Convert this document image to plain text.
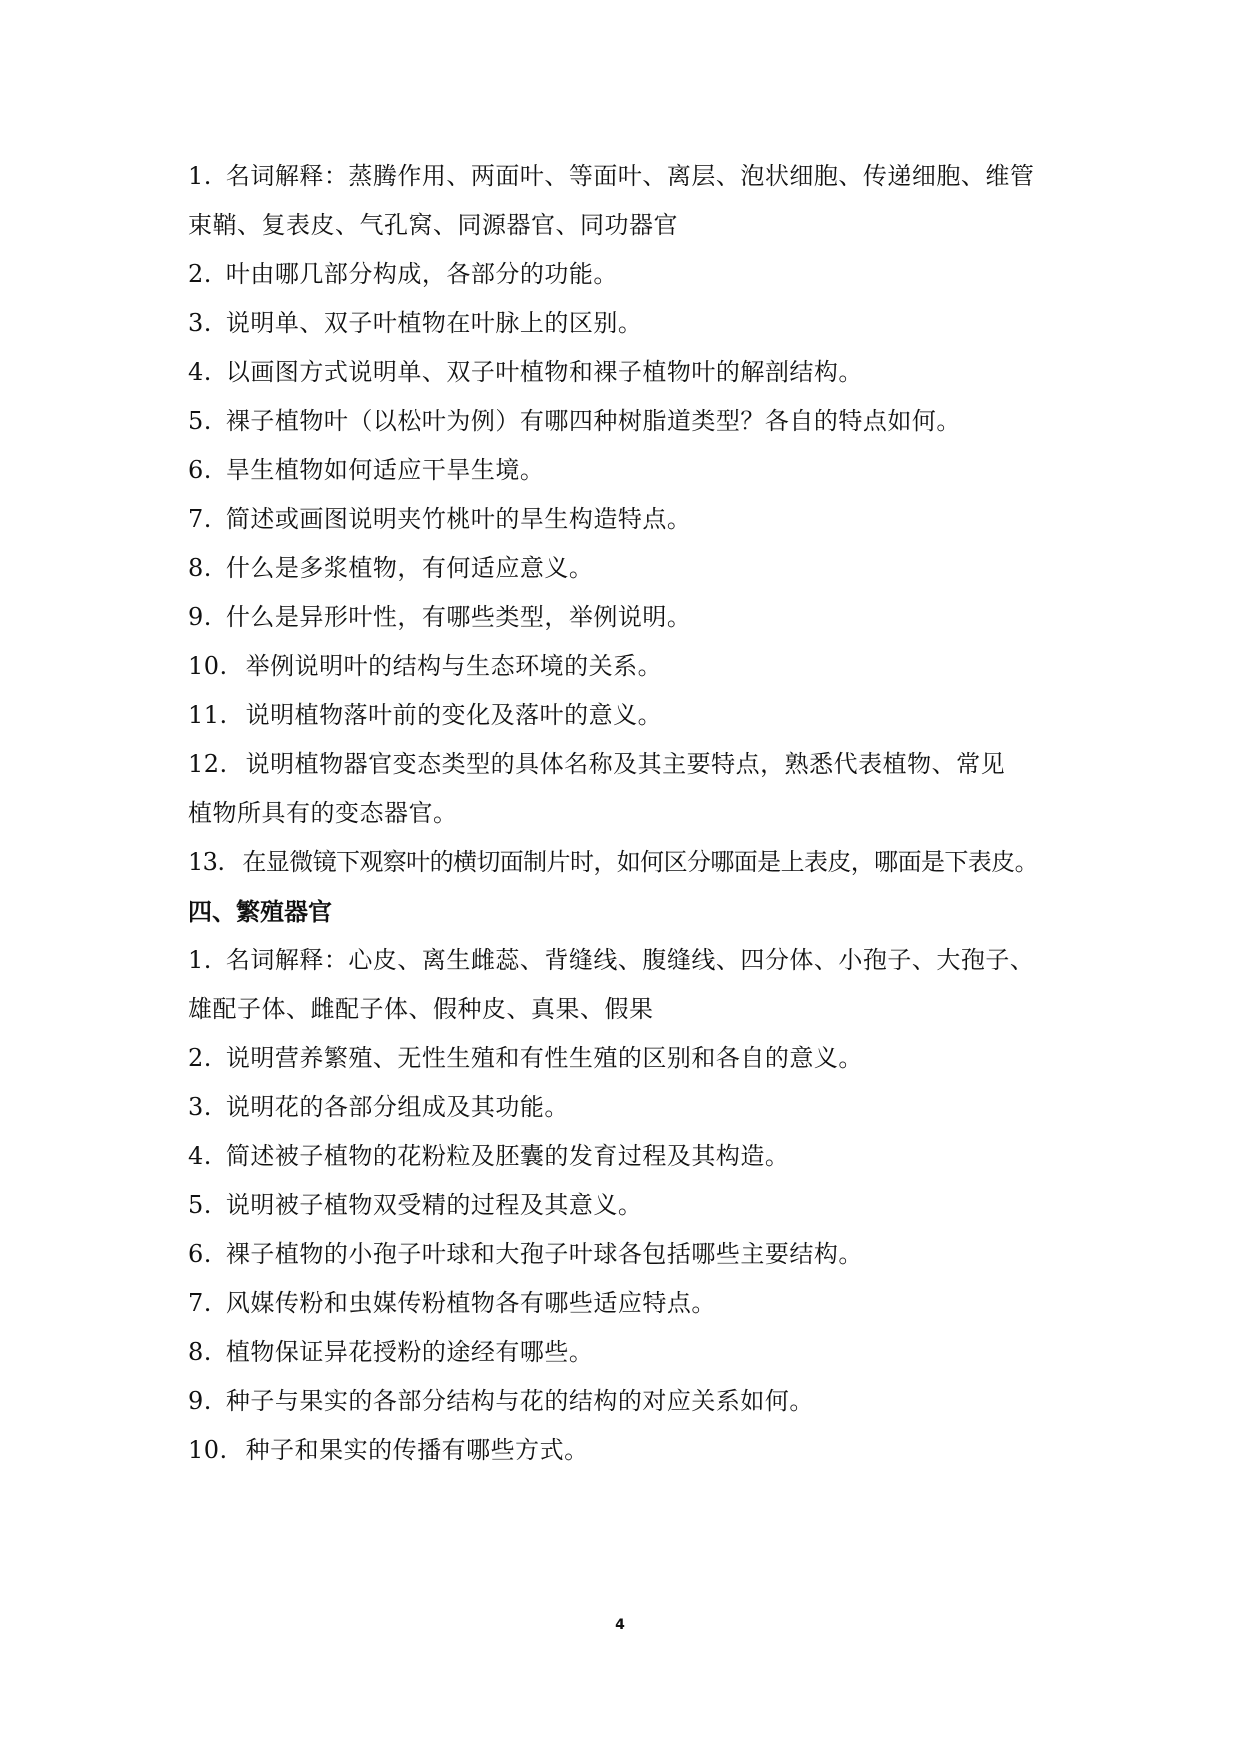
1. 名词解释：蒸腾作用、两面叶、等面叶、离层、泡状细胞、传递细胞、维管
束鞘、复表皮、气孔窝、同源器官、同功器官
2. 叶由哪几部分构成，各部分的功能。
3. 说明单、双子叶植物在叶脉上的区别。
4. 以画图方式说明单、双子叶植物和裸子植物叶的解剖结构。
5. 裸子植物叶（以松叶为例）有哪四种树脂道类型？各自的特点如何。
6. 旱生植物如何适应干旱生境。
7. 简述或画图说明夹竹桃叶的旱生构造特点。
8. 什么是多浆植物，有何适应意义。
9. 什么是异形叶性，有哪些类型，举例说明。
10. 举例说明叶的结构与生态环境的关系。
11. 说明植物落叶前的变化及落叶的意义。
12. 说明植物器官变态类型的具体名称及其主要特点，熟悉代表植物、常见
植物所具有的变态器官。
13. 在显微镜下观察叶的横切面制片时，如何区分哪面是上表皮，哪面是下表皮。
四、繁殖器官
1. 名词解释：心皮、离生雌蕊、背缝线、腹缝线、四分体、小孢子、大孢子、
雄配子体、雌配子体、假种皮、真果、假果
2. 说明营养繁殖、无性生殖和有性生殖的区别和各自的意义。
3. 说明花的各部分组成及其功能。
4. 简述被子植物的花粉粒及胚囊的发育过程及其构造。
5. 说明被子植物双受精的过程及其意义。
6. 裸子植物的小孢子叶球和大孢子叶球各包括哪些主要结构。
7. 风媒传粉和虫媒传粉植物各有哪些适应特点。
8. 植物保证异花授粉的途经有哪些。
9. 种子与果实的各部分结构与花的结构的对应关系如何。
10. 种子和果实的传播有哪些方式。
4
